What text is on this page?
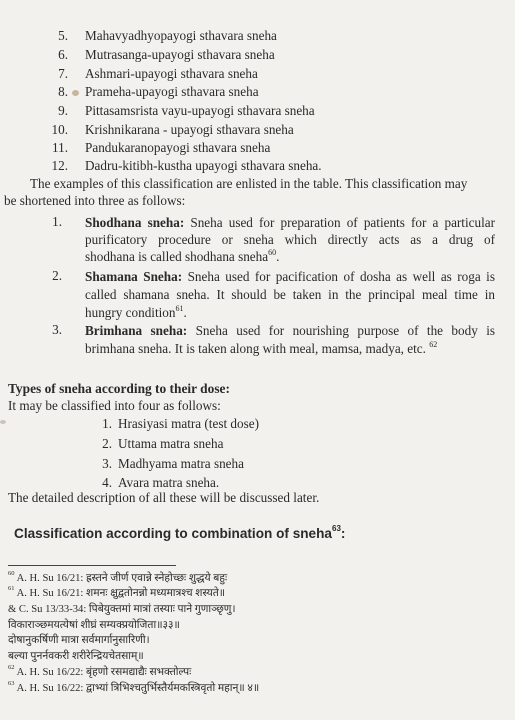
5. Mahavyadhyopayogi sthavara sneha
6. Mutrasanga-upayogi sthavara sneha
7. Ashmari-upayogi sthavara sneha
8. Prameha-upayogi sthavara sneha
9. Pittasamsrista vayu-upayogi sthavara sneha
10. Krishnikarana - upayogi sthavara sneha
11. Pandukaranopayogi sthavara sneha
12. Dadru-kitibh-kustha upayogi sthavara sneha.
The examples of this classification are enlisted in the table. This classification may
be shortened into three as follows:
1. Shodhana sneha: Sneha used for preparation of patients for a particular
purificatory procedure or sneha which directly acts as a drug of
shodhana is called shodhana sneha$^{60}$.
2. Shamana Sneha: Sneha used for pacification of dosha as well as roga is
called shamana sneha. It should be taken in the principal meal time in
hungry condition$^{61}$.
3. Brimhana sneha: Sneha used for nourishing purpose of the body is
brimhana sneha. It is taken along with meal, mamsa, madya, etc. $^{62}$
Types of sneha according to their dose:
It may be classified into four as follows:
1. Hrasiyasi matra (test dose)
2. Uttama matra sneha
3. Madhyama matra sneha
4. Avara matra sneha.
The detailed description of all these will be discussed later.
Classification according to combination of sneha$^{63}$:
$^{60}$ A. H. Su 16/21: ह्रस्तने जीर्ण एवान्ने स्नेहोच्छः शुद्धये बहुः
$^{61}$ A. H. Su 16/21: शमनः क्षुद्वतोनन्नो मध्यमात्रश्च शस्यते॥
& C. Su 13/33-34: पिबेयुक्तमां मात्रां तस्याः पाने गुणाञ्छृणु।
विकाराञ्छमयत्येषां शीघ्रं सम्यक्प्रयोजिता॥३३॥
दोषानुकर्षिणी मात्रा सर्वमार्गानुसारिणी।
बल्या पुनर्नवकरी शरीरेन्द्रियचेतसाम्॥
$^{62}$ A. H. Su 16/22: बृंहणो रसमद्याद्यैः सभक्तोल्पः
$^{63}$ A. H. Su 16/22: द्वाभ्यां त्रिभिश्चतुर्भिस्तैर्यमकस्त्रिवृतो महान्॥ ४॥
